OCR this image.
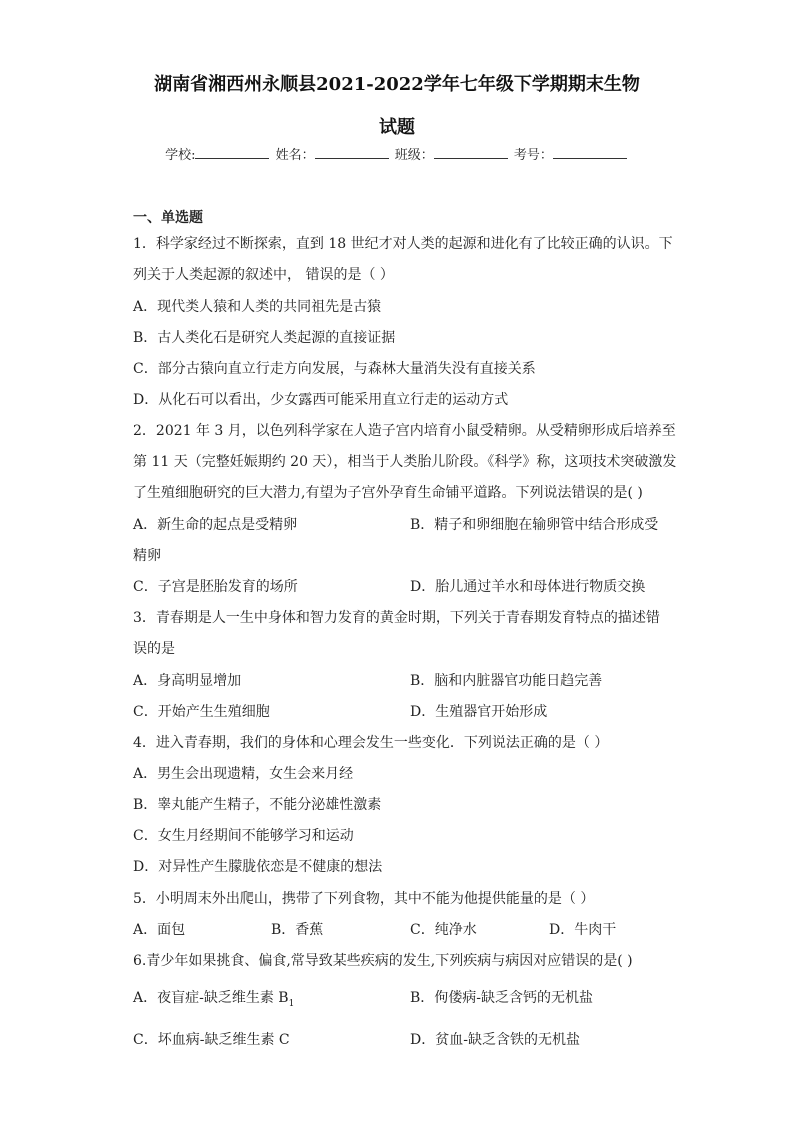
湖南省湘西州永顺县2021-2022学年七年级下学期期末生物
试题
学校:	姓名：	班级：	考号：
一、单选题
1．科学家经过不断探索，直到 18 世纪才对人类的起源和进化有了比较正确的认识。下
列关于人类起源的叙述中， 错误的是（ ）
A．现代类人猿和人类的共同祖先是古猿
B．古人类化石是研究人类起源的直接证据
C．部分古猿向直立行走方向发展，与森林大量消失没有直接关系
D．从化石可以看出，少女露西可能采用直立行走的运动方式
2．2021 年 3 月，以色列科学家在人造子宫内培育小鼠受精卵。从受精卵形成后培养至
第 11 天（完整妊娠期约 20 天），相当于人类胎儿阶段。《科学》称，这项技术突破激发
了生殖细胞研究的巨大潜力,有望为子宫外孕育生命铺平道路。下列说法错误的是( )
A．新生命的起点是受精卵	B．精子和卵细胞在输卵管中结合形成受
精卵
C．子宫是胚胎发育的场所	D．胎儿通过羊水和母体进行物质交换
3．青春期是人一生中身体和智力发育的黄金时期，下列关于青春期发育特点的描述错
误的是
A．身高明显增加	B．脑和内脏器官功能日趋完善
C．开始产生生殖细胞	D．生殖器官开始形成
4．进入青春期，我们的身体和心理会发生一些变化．下列说法正确的是（ ）
A．男生会出现遗精，女生会来月经
B．睾丸能产生精子，不能分泌雄性激素
C．女生月经期间不能够学习和运动
D．对异性产生朦胧依恋是不健康的想法
5．小明周末外出爬山，携带了下列食物，其中不能为他提供能量的是（ ）
A．面包	B．香蕉	C．纯净水	D．牛肉干
6.青少年如果挑食、偏食,常导致某些疾病的发生,下列疾病与病因对应错误的是( )
A．夜盲症-缺乏维生素 $B_1$	B．佝偻病-缺乏含钙的无机盐
C．坏血病-缺乏维生素 C	D．贫血-缺乏含铁的无机盐
